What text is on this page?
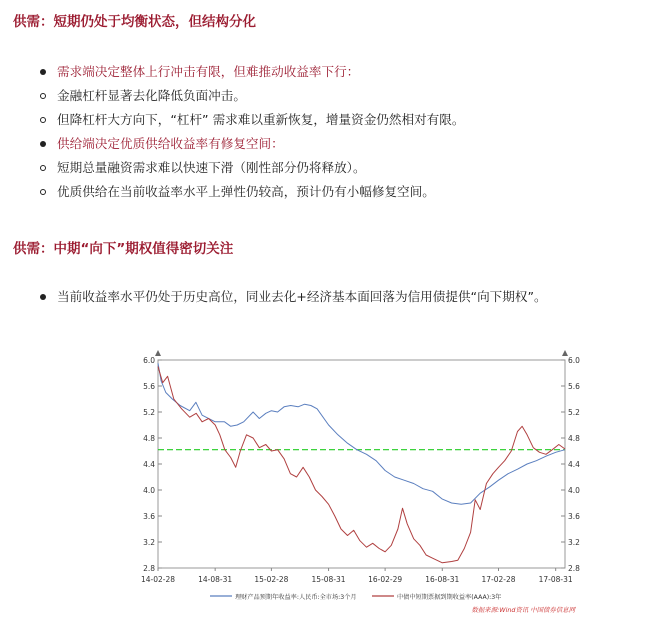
供需：短期仍处于均衡状态，但结构分化
需求端决定整体上行冲击有限，但难推动收益率下行：
金融杠杆显著去化降低负面冲击。
但降杠杆大方向下，“杠杆” 需求难以重新恢复，增量资金仍然相对有限。
供给端决定优质供给收益率有修复空间：
短期总量融资需求难以快速下滑（刚性部分仍将释放）。
优质供给在当前收益率水平上弹性仍较高，预计仍有小幅修复空间。
供需：中期“向下”期权值得密切关注
当前收益率水平仍处于历史高位，同业去化+经济基本面回落为信用债提供“向下期权”。
6.0	6.0
5.6	5.6
5.2	5.2
4.8	4.8
4.4	4.4
4.0	4.0
3.6	3.6
3.2	3.2
2.8	2.8
14-02-28	14-08-31	15-02-28	15-08-31	16-02-29	16-08-31	17-02-28	17-08-31
理财产品预期年收益率:人民币:全市场:3个月	中债中短期票据到期收益率(AAA):3年
数据来源:Wind资讯 中国债券信息网
